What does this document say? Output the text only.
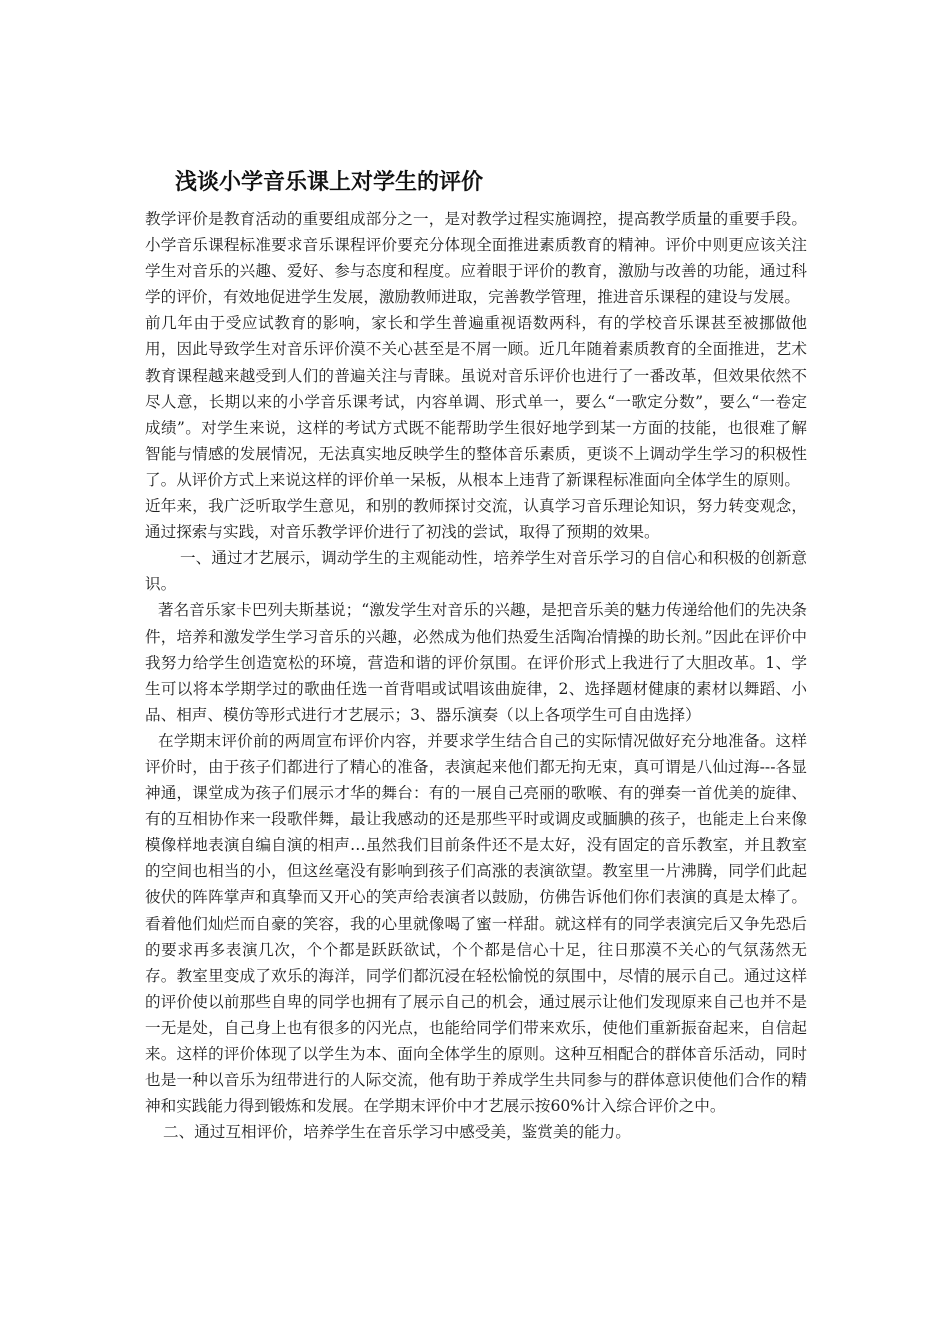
浅谈小学音乐课上对学生的评价

教学评价是教育活动的重要组成部分之一，是对教学过程实施调控，提高教学质量的重要手段。小学音乐课程标准要求音乐课程评价要充分体现全面推进素质教育的精神。评价中则更应该关注学生对音乐的兴趣、爱好、参与态度和程度。应着眼于评价的教育，激励与改善的功能，通过科学的评价，有效地促进学生发展，激励教师进取，完善教学管理，推进音乐课程的建设与发展。

前几年由于受应试教育的影响，家长和学生普遍重视语数两科，有的学校音乐课甚至被挪做他用，因此导致学生对音乐评价漠不关心甚至是不屑一顾。近几年随着素质教育的全面推进，艺术教育课程越来越受到人们的普遍关注与青睐。虽说对音乐评价也进行了一番改革，但效果依然不尽人意，长期以来的小学音乐课考试，内容单调、形式单一，要么“一歌定分数”，要么“一卷定成绩”。对学生来说，这样的考试方式既不能帮助学生很好地学到某一方面的技能，也很难了解智能与情感的发展情况，无法真实地反映学生的整体音乐素质，更谈不上调动学生学习的积极性了。从评价方式上来说这样的评价单一呆板，从根本上违背了新课程标准面向全体学生的原则。

近年来，我广泛听取学生意见，和别的教师探讨交流，认真学习音乐理论知识，努力转变观念，通过探索与实践，对音乐教学评价进行了初浅的尝试，取得了预期的效果。

一、通过才艺展示，调动学生的主观能动性，培养学生对音乐学习的自信心和积极的创新意识。

著名音乐家卡巴列夫斯基说；“激发学生对音乐的兴趣，是把音乐美的魅力传递给他们的先决条件，培养和激发学生学习音乐的兴趣，必然成为他们热爱生活陶冶情操的助长剂。”因此在评价中我努力给学生创造宽松的环境，营造和谐的评价氛围。在评价形式上我进行了大胆改革。1、学生可以将本学期学过的歌曲任选一首背唱或试唱该曲旋律，2、选择题材健康的素材以舞蹈、小品、相声、模仿等形式进行才艺展示；3、器乐演奏（以上各项学生可自由选择）

在学期末评价前的两周宣布评价内容，并要求学生结合自己的实际情况做好充分地准备。这样评价时，由于孩子们都进行了精心的准备，表演起来他们都无拘无束，真可谓是八仙过海---各显神通，课堂成为孩子们展示才华的舞台：有的一展自己亮丽的歌喉、有的弹奏一首优美的旋律、有的互相协作来一段歌伴舞，最让我感动的还是那些平时或调皮或腼腆的孩子，也能走上台来像模像样地表演自编自演的相声…虽然我们目前条件还不是太好，没有固定的音乐教室，并且教室的空间也相当的小，但这丝毫没有影响到孩子们高涨的表演欲望。教室里一片沸腾，同学们此起彼伏的阵阵掌声和真挚而又开心的笑声给表演者以鼓励，仿佛告诉他们你们表演的真是太棒了。看着他们灿烂而自豪的笑容，我的心里就像喝了蜜一样甜。就这样有的同学表演完后又争先恐后的要求再多表演几次，个个都是跃跃欲试，个个都是信心十足，往日那漠不关心的气氛荡然无存。教室里变成了欢乐的海洋，同学们都沉浸在轻松愉悦的氛围中，尽情的展示自己。通过这样的评价使以前那些自卑的同学也拥有了展示自己的机会，通过展示让他们发现原来自己也并不是一无是处，自己身上也有很多的闪光点，也能给同学们带来欢乐，使他们重新振奋起来，自信起来。这样的评价体现了以学生为本、面向全体学生的原则。这种互相配合的群体音乐活动，同时也是一种以音乐为纽带进行的人际交流，他有助于养成学生共同参与的群体意识使他们合作的精神和实践能力得到锻炼和发展。在学期末评价中才艺展示按60%计入综合评价之中。

二、通过互相评价，培养学生在音乐学习中感受美，鉴赏美的能力。
